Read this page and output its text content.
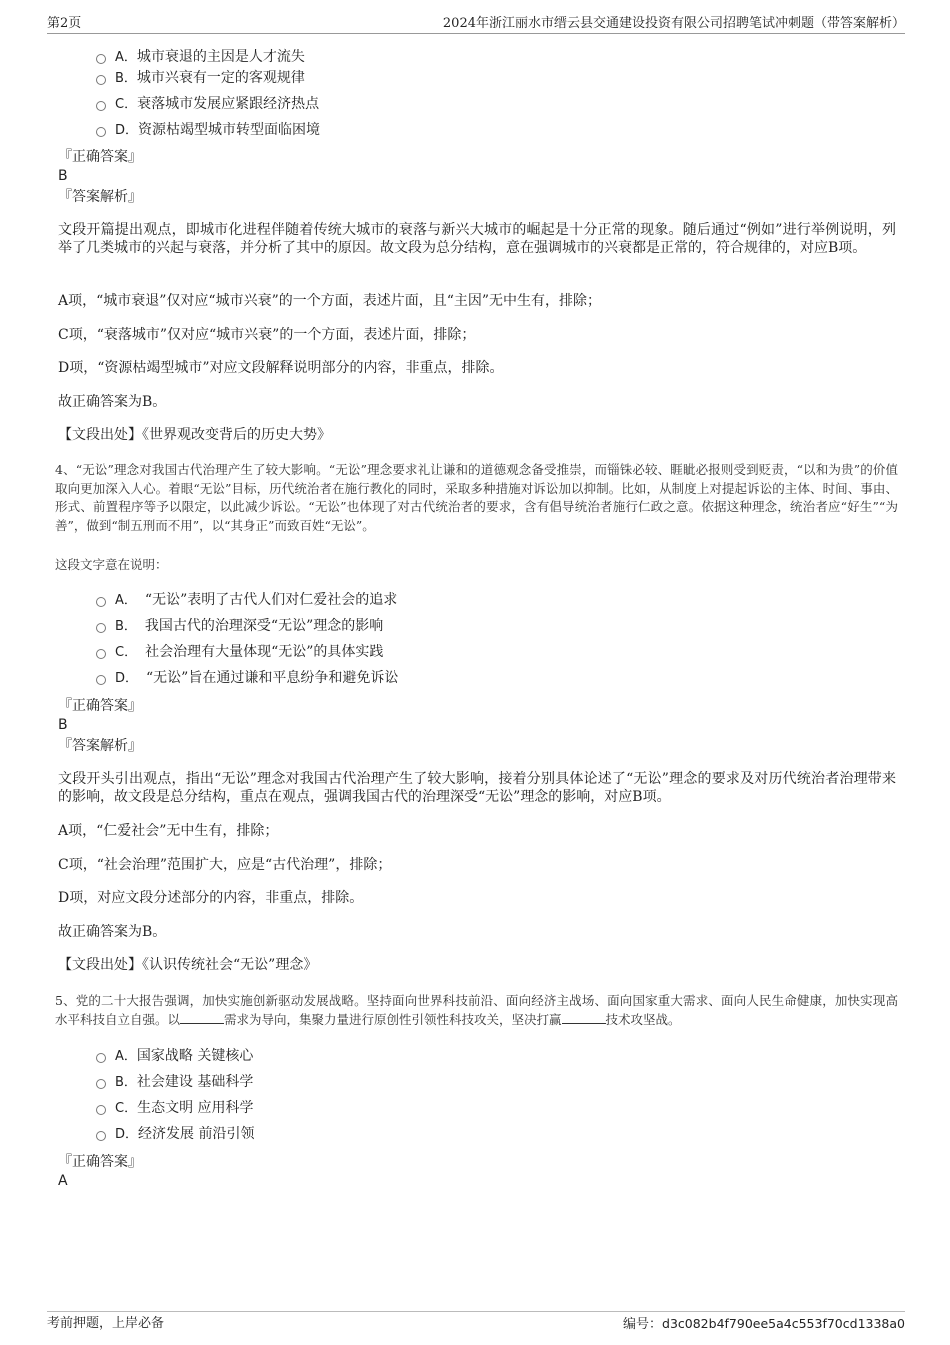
第2页	2024年浙江丽水市缙云县交通建设投资有限公司招聘笔试冲刺题（带答案解析）
A．城市衰退的主因是人才流失
B．城市兴衰有一定的客观规律
C．衰落城市发展应紧跟经济热点
D．资源枯竭型城市转型面临困境
『正确答案』
B
『答案解析』
文段开篇提出观点，即城市化进程伴随着传统大城市的衰落与新兴大城市的崛起是十分正常的现象。随后通过“例如”进行举例说明，列举了几类城市的兴起与衰落，并分析了其中的原因。故文段为总分结构，意在强调城市的兴衰都是正常的，符合规律的，对应B项。
A项，“城市衰退”仅对应“城市兴衰”的一个方面，表述片面，且“主因”无中生有，排除；
C项，“衰落城市”仅对应“城市兴衰”的一个方面，表述片面，排除；
D项，“资源枯竭型城市”对应文段解释说明部分的内容，非重点，排除。
故正确答案为B。
【文段出处】《世界观改变背后的历史大势》
4、“无讼”理念对我国古代治理产生了较大影响。“无讼”理念要求礼让谦和的道德观念备受推崇，而锱铢必较、睚眦必报则受到贬责，“以和为贵”的价值取向更加深入人心。着眼“无讼”目标，历代统治者在施行教化的同时，采取多种措施对诉讼加以抑制。比如，从制度上对提起诉讼的主体、时间、事由、形式、前置程序等予以限定，以此减少诉讼。“无讼”也体现了对古代统治者的要求，含有倡导统治者施行仁政之意。依据这种理念，统治者应“好生”“为善”，做到“制五刑而不用”，以“其身正”而致百姓“无讼”。
这段文字意在说明：
A． “无讼”表明了古代人们对仁爱社会的追求
B． 我国古代的治理深受“无讼”理念的影响
C． 社会治理有大量体现“无讼”的具体实践
D． “无讼”旨在通过谦和平息纷争和避免诉讼
『正确答案』
B
『答案解析』
文段开头引出观点，指出“无讼”理念对我国古代治理产生了较大影响，接着分别具体论述了“无讼”理念的要求及对历代统治者治理带来的影响，故文段是总分结构，重点在观点，强调我国古代的治理深受“无讼”理念的影响，对应B项。
A项，“仁爱社会”无中生有，排除；
C项，“社会治理”范围扩大，应是“古代治理”，排除；
D项，对应文段分述部分的内容，非重点，排除。
故正确答案为B。
【文段出处】《认识传统社会“无讼”理念》
5、党的二十大报告强调，加快实施创新驱动发展战略。坚持面向世界科技前沿、面向经济主战场、面向国家重大需求、面向人民生命健康，加快实现高水平科技自立自强。以	需求为导向，集聚力量进行原创性引领性科技攻关，坚决打赢	技术攻坚战。
A．国家战略 关键核心
B．社会建设 基础科学
C．生态文明 应用科学
D．经济发展 前沿引领
『正确答案』
A
考前押题，上岸必备	编号：d3c082b4f790ee5a4c553f70cd1338a0
